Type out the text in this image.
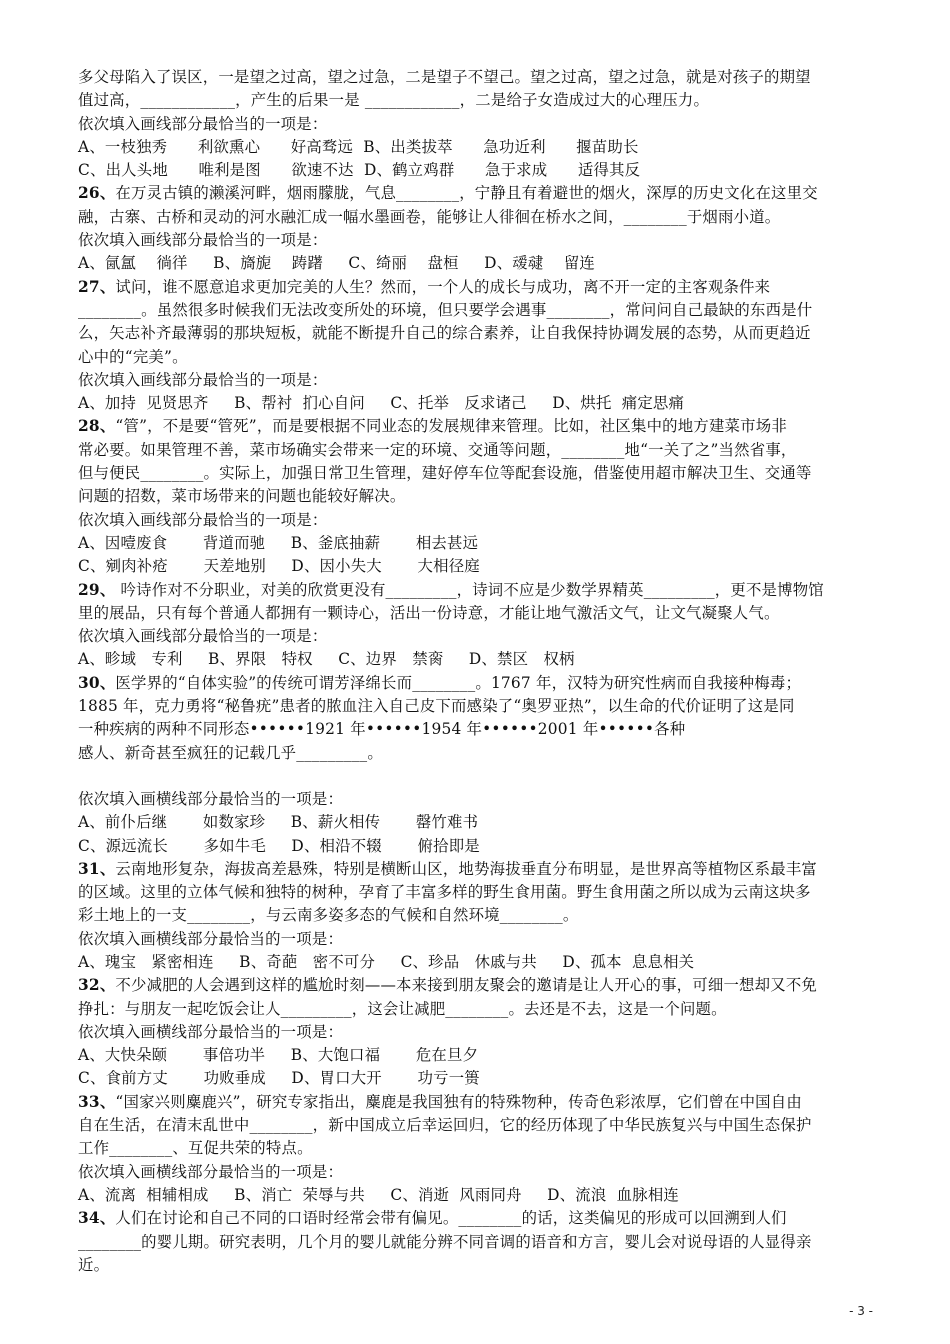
多父母陷入了误区，一是望之过高，望之过急，二是望子不望己。望之过高，望之过急，就是对孩子的期望

值过高，____________，产生的后果一是 ____________，二是给子女造成过大的心理压力。

依次填入画线部分最恰当的一项是：

A、一枝独秀      利欲熏心      好高骛远  B、出类拔萃      急功近利      揠苗助长

C、出人头地      唯利是图      欲速不达  D、鹤立鸡群      急于求成      适得其反

26、在万灵古镇的濑溪河畔，烟雨朦胧，气息________，宁静且有着避世的烟火，深厚的历史文化在这里交

融，古寨、古桥和灵动的河水融汇成一幅水墨画卷，能够让人徘徊在桥水之间，________于烟雨小道。

依次填入画线部分最恰当的一项是：

A、氤氲    徜徉     B、旖旎    踌躇     C、绮丽    盘桓     D、叆叇    留连

27、试问，谁不愿意追求更加完美的人生？然而，一个人的成长与成功，离不开一定的主客观条件来

________。虽然很多时候我们无法改变所处的环境，但只要学会遇事________，常问问自己最缺的东西是什

么，矢志补齐最薄弱的那块短板，就能不断提升自己的综合素养，让自我保持协调发展的态势，从而更趋近

心中的“完美”。

依次填入画线部分最恰当的一项是：

A、加持  见贤思齐     B、帮衬  扪心自问     C、托举   反求诸己     D、烘托  痛定思痛

28、“管”，不是要“管死”，而是要根据不同业态的发展规律来管理。比如，社区集中的地方建菜市场非

常必要。如果管理不善，菜市场确实会带来一定的环境、交通等问题，________地“一关了之”当然省事，

但与便民________。实际上，加强日常卫生管理，建好停车位等配套设施，借鉴使用超市解决卫生、交通等

问题的招数，菜市场带来的问题也能较好解决。

依次填入画线部分最恰当的一项是：

A、因噎废食       背道而驰     B、釜底抽薪       相去甚远

C、剜肉补疮       天差地别     D、因小失大       大相径庭

29、 吟诗作对不分职业，对美的欣赏更没有_________，诗词不应是少数学界精英_________，更不是博物馆

里的展品，只有每个普通人都拥有一颗诗心，活出一份诗意，才能让地气激活文气，让文气凝聚人气。

依次填入画线部分最恰当的一项是：

A、畛域   专利     B、界限   特权     C、边界   禁脔     D、禁区   权柄

30、医学界的“自体实验”的传统可谓芳泽绵长而________。1767 年，汉特为研究性病而自我接种梅毒；

1885 年，克力勇将“秘鲁疣”患者的脓血注入自己皮下而感染了“奥罗亚热”，以生命的代价证明了这是同

一种疾病的两种不同形态••••••1921 年••••••1954 年••••••2001 年••••••各种

感人、新奇甚至疯狂的记载几乎_________。

依次填入画横线部分最恰当的一项是：

A、前仆后继       如数家珍     B、薪火相传       罄竹难书

C、源远流长       多如牛毛     D、相沿不辍       俯拾即是

31、云南地形复杂，海拔高差悬殊，特别是横断山区，地势海拔垂直分布明显，是世界高等植物区系最丰富

的区域。这里的立体气候和独特的树种，孕育了丰富多样的野生食用菌。野生食用菌之所以成为云南这块多

彩土地上的一支________，与云南多姿多态的气候和自然环境________。

依次填入画横线部分最恰当的一项是：

A、瑰宝   紧密相连     B、奇葩   密不可分     C、珍品   休戚与共     D、孤本  息息相关

32、不少减肥的人会遇到这样的尴尬时刻——本来接到朋友聚会的邀请是让人开心的事，可细一想却又不免

挣扎：与朋友一起吃饭会让人_________，这会让减肥________。去还是不去，这是一个问题。

依次填入画横线部分最恰当的一项是：

A、大快朵颐       事倍功半     B、大饱口福       危在旦夕

C、食前方丈       功败垂成     D、胃口大开       功亏一篑

33、“国家兴则麋鹿兴”，研究专家指出，麋鹿是我国独有的特殊物种，传奇色彩浓厚，它们曾在中国自由

自在生活，在清末乱世中________，新中国成立后幸运回归，它的经历体现了中华民族复兴与中国生态保护

工作________、互促共荣的特点。

依次填入画横线部分最恰当的一项是：

A、流离  相辅相成     B、消亡  荣辱与共     C、消逝  风雨同舟     D、流浪  血脉相连

34、人们在讨论和自己不同的口语时经常会带有偏见。________的话，这类偏见的形成可以回溯到人们

________的婴儿期。研究表明，几个月的婴儿就能分辨不同音调的语音和方言，婴儿会对说母语的人显得亲

近。

- 3 -
